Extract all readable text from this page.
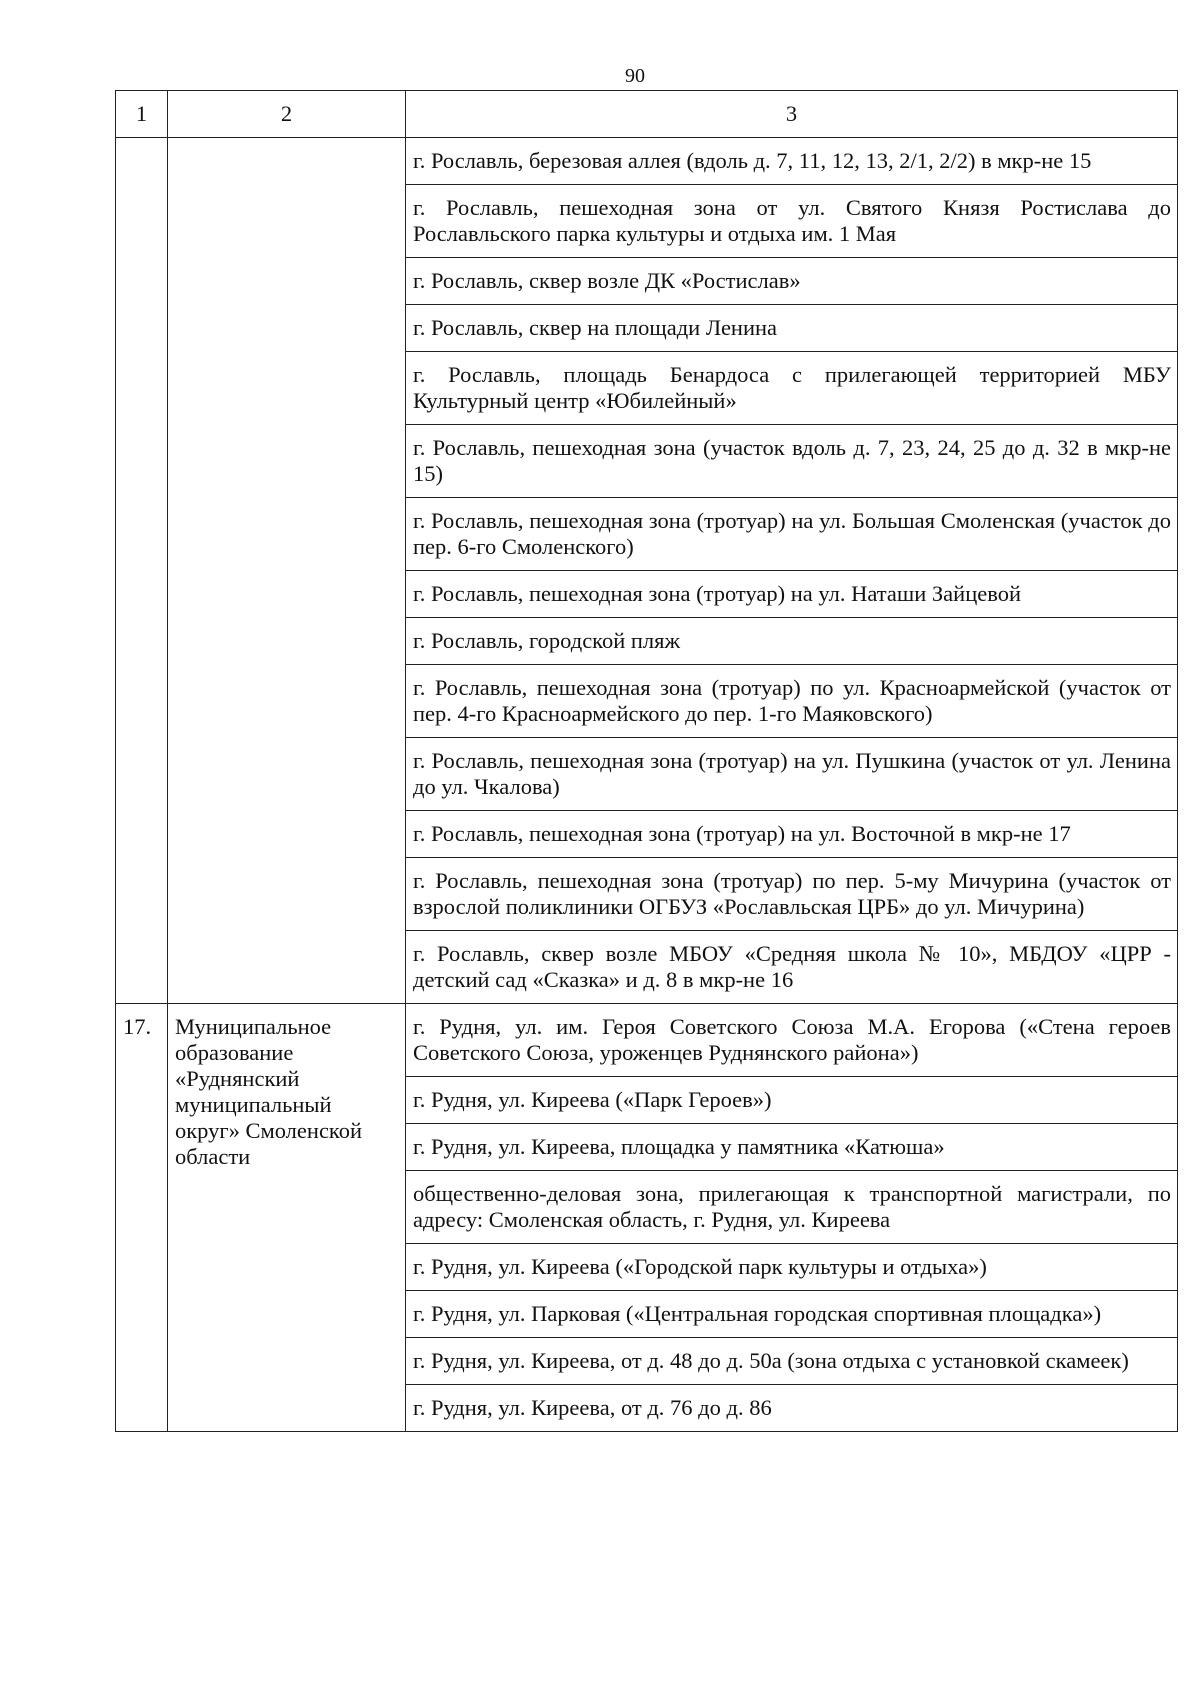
90
1	2	3
		г. Рославль, березовая аллея (вдоль д. 7, 11, 12, 13, 2/1, 2/2) в мкр-не 15
		г. Рославль, пешеходная зона от ул. Святого Князя Ростислава до Рославльского парка культуры и отдыха им. 1 Мая
		г. Рославль, сквер возле ДК «Ростислав»
		г. Рославль, сквер на площади Ленина
		г. Рославль, площадь Бенардоса с прилегающей территорией МБУ Культурный центр «Юбилейный»
		г. Рославль, пешеходная зона (участок вдоль д. 7, 23, 24, 25 до д. 32 в мкр-не 15)
		г. Рославль, пешеходная зона (тротуар) на ул. Большая Смоленская (участок до пер. 6-го Смоленского)
		г. Рославль, пешеходная зона (тротуар) на ул. Наташи Зайцевой
		г. Рославль, городской пляж
		г. Рославль, пешеходная зона (тротуар) по ул. Красноармейской (участок от пер. 4-го Красноармейского до пер. 1-го Маяковского)
		г. Рославль, пешеходная зона (тротуар) на ул. Пушкина (участок от ул. Ленина до ул. Чкалова)
		г. Рославль, пешеходная зона (тротуар) на ул. Восточной в мкр-не 17
		г. Рославль, пешеходная зона (тротуар) по пер. 5-му Мичурина (участок от взрослой поликлиники ОГБУЗ «Рославльская ЦРБ» до ул. Мичурина)
		г. Рославль, сквер возле МБОУ «Средняя школа № 10», МБДОУ «ЦРР - детский сад «Сказка» и д. 8 в мкр-не 16
17.	Муниципальное образование «Руднянский муниципальный округ» Смоленской области	г. Рудня, ул. им. Героя Советского Союза М.А. Егорова («Стена героев Советского Союза, уроженцев Руднянского района»)
		г. Рудня, ул. Киреева («Парк Героев»)
		г. Рудня, ул. Киреева, площадка у памятника «Катюша»
		общественно-деловая зона, прилегающая к транспортной магистрали, по адресу: Смоленская область, г. Рудня, ул. Киреева
		г. Рудня, ул. Киреева («Городской парк культуры и отдыха»)
		г. Рудня, ул. Парковая («Центральная городская спортивная площадка»)
		г. Рудня, ул. Киреева, от д. 48 до д. 50а (зона отдыха с установкой скамеек)
		г. Рудня, ул. Киреева, от д. 76 до д. 86
